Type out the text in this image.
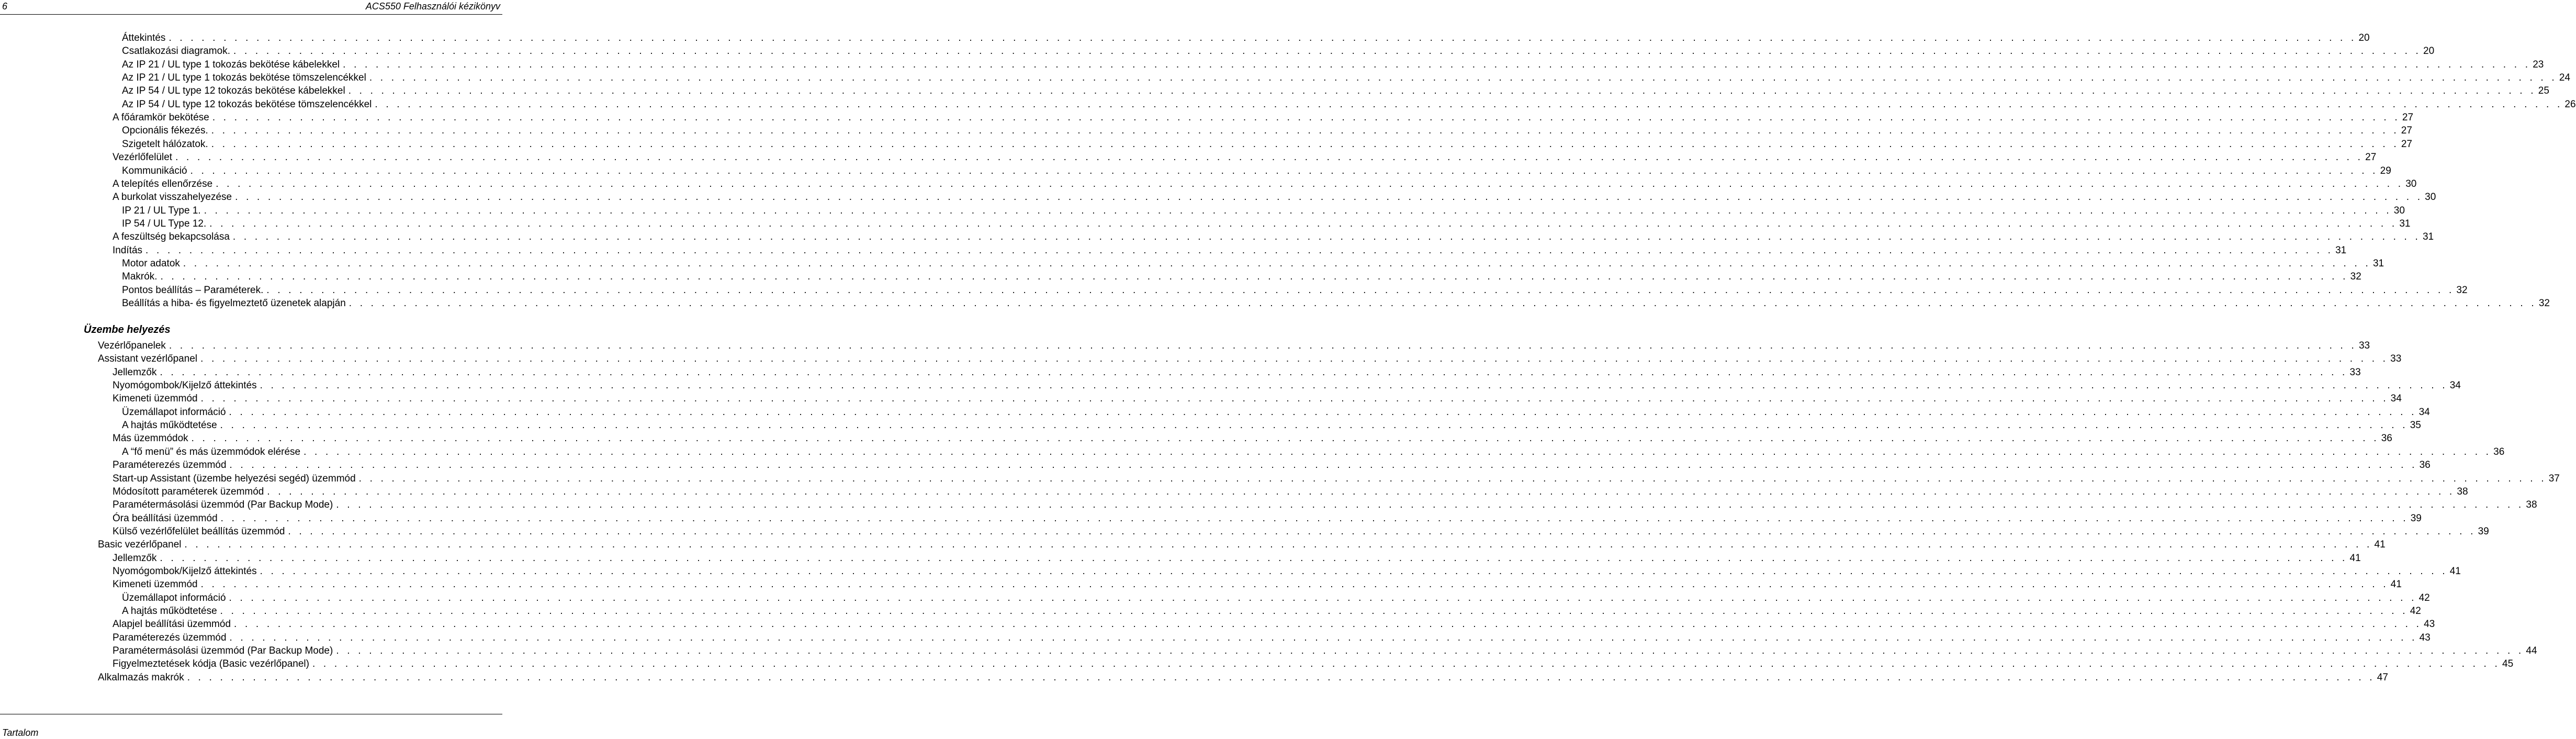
6	ACS550 Felhasználói kézikönyv
Áttekintés . . . . . . . . . . . . . . . . . . . . . . . . . . . . . . . . . . . . . . . . . . . . . . . . . . . . . . . . . . . . . . . . . . . . . . . . . . . . . . . . . . . . . . . . . . . . . . . . . . . . . . . . . . . . . . . . . . . . . . . . . . . . . . . . . . . . . . . . . . . . . . . . . . . . . . . . . . . . . . . . . . . . . . . . . . . . . . . . . . . . . . . . . . . . . . . . . . . . . . . . 20
Csatlakozási diagramok. . . . . . . . . . . . . . . . . . . . . . . . . . . . . . . . . . . . . . . . . . . . . . . . . . . . . . . . . . . . . . . . . . . . . . . . . . . . . . . . . . . . . . . . . . . . . . . . . . . . . . . . . . . . . . . . . . . . . . . . . . . . . . . . . . . . . . . . . . . . . . . . . . . . . . . . . . . . . . . . . . . . . . . . . . . . . . . . . . . . . . . . . . . . . . . . . . . . . . . . . 20
Az IP 21 / UL type 1 tokozás bekötése kábelekkel . . . . . . . . . . . . . . . . . . . . . . . . . . . . . . . . . . . . . . . . . . . . . . . . . . . . . . . . . . . . . . . . . . . . . . . . . . . . . . . . . . . . . . . . . . . . . . . . . . . . . . . . . . . . . . . . . . . . . . . . . . . . . . . . . . . . . . . . . . . . . . . . . . . . . . . . . . . . . . . . . . . . . . . . . . . . . . . . . . . . . . . . . . . . . . . . . . . . . . . . 23
Az IP 21 / UL type 1 tokozás bekötése tömszelencékkel . . . . . . . . . . . . . . . . . . . . . . . . . . . . . . . . . . . . . . . . . . . . . . . . . . . . . . . . . . . . . . . . . . . . . . . . . . . . . . . . . . . . . . . . . . . . . . . . . . . . . . . . . . . . . . . . . . . . . . . . . . . . . . . . . . . . . . . . . . . . . . . . . . . . . . . . . . . . . . . . . . . . . . . . . . . . . . . . . . . . . . . . . . . . . . . . . . . . . . . . 24
Az IP 54 / UL type 12 tokozás bekötése kábelekkel . . . . . . . . . . . . . . . . . . . . . . . . . . . . . . . . . . . . . . . . . . . . . . . . . . . . . . . . . . . . . . . . . . . . . . . . . . . . . . . . . . . . . . . . . . . . . . . . . . . . . . . . . . . . . . . . . . . . . . . . . . . . . . . . . . . . . . . . . . . . . . . . . . . . . . . . . . . . . . . . . . . . . . . . . . . . . . . . . . . . . . . . . . . . . . . . . . . . . . . . 25
Az IP 54 / UL type 12 tokozás bekötése tömszelencékkel . . . . . . . . . . . . . . . . . . . . . . . . . . . . . . . . . . . . . . . . . . . . . . . . . . . . . . . . . . . . . . . . . . . . . . . . . . . . . . . . . . . . . . . . . . . . . . . . . . . . . . . . . . . . . . . . . . . . . . . . . . . . . . . . . . . . . . . . . . . . . . . . . . . . . . . . . . . . . . . . . . . . . . . . . . . . . . . . . . . . . . . . . . . . . . . . . . . . . . . . 26
A főáramkör bekötése . . . . . . . . . . . . . . . . . . . . . . . . . . . . . . . . . . . . . . . . . . . . . . . . . . . . . . . . . . . . . . . . . . . . . . . . . . . . . . . . . . . . . . . . . . . . . . . . . . . . . . . . . . . . . . . . . . . . . . . . . . . . . . . . . . . . . . . . . . . . . . . . . . . . . . . . . . . . . . . . . . . . . . . . . . . . . . . . . . . . . . . . . . . . . . . . . . . . . . . . 27
Opcionális fékezés. . . . . . . . . . . . . . . . . . . . . . . . . . . . . . . . . . . . . . . . . . . . . . . . . . . . . . . . . . . . . . . . . . . . . . . . . . . . . . . . . . . . . . . . . . . . . . . . . . . . . . . . . . . . . . . . . . . . . . . . . . . . . . . . . . . . . . . . . . . . . . . . . . . . . . . . . . . . . . . . . . . . . . . . . . . . . . . . . . . . . . . . . . . . . . . . . . . . . . . . . 27
Szigetelt hálózatok. . . . . . . . . . . . . . . . . . . . . . . . . . . . . . . . . . . . . . . . . . . . . . . . . . . . . . . . . . . . . . . . . . . . . . . . . . . . . . . . . . . . . . . . . . . . . . . . . . . . . . . . . . . . . . . . . . . . . . . . . . . . . . . . . . . . . . . . . . . . . . . . . . . . . . . . . . . . . . . . . . . . . . . . . . . . . . . . . . . . . . . . . . . . . . . . . . . . . . . . . 27
Vezérlőfelület . . . . . . . . . . . . . . . . . . . . . . . . . . . . . . . . . . . . . . . . . . . . . . . . . . . . . . . . . . . . . . . . . . . . . . . . . . . . . . . . . . . . . . . . . . . . . . . . . . . . . . . . . . . . . . . . . . . . . . . . . . . . . . . . . . . . . . . . . . . . . . . . . . . . . . . . . . . . . . . . . . . . . . . . . . . . . . . . . . . . . . . . . . . . . . . . . . . . . . . . 27
Kommunikáció . . . . . . . . . . . . . . . . . . . . . . . . . . . . . . . . . . . . . . . . . . . . . . . . . . . . . . . . . . . . . . . . . . . . . . . . . . . . . . . . . . . . . . . . . . . . . . . . . . . . . . . . . . . . . . . . . . . . . . . . . . . . . . . . . . . . . . . . . . . . . . . . . . . . . . . . . . . . . . . . . . . . . . . . . . . . . . . . . . . . . . . . . . . . . . . . . . . . . . . . 29
A telepítés ellenőrzése . . . . . . . . . . . . . . . . . . . . . . . . . . . . . . . . . . . . . . . . . . . . . . . . . . . . . . . . . . . . . . . . . . . . . . . . . . . . . . . . . . . . . . . . . . . . . . . . . . . . . . . . . . . . . . . . . . . . . . . . . . . . . . . . . . . . . . . . . . . . . . . . . . . . . . . . . . . . . . . . . . . . . . . . . . . . . . . . . . . . . . . . . . . . . . . . . . . . . . . . 30
A burkolat visszahelyezése . . . . . . . . . . . . . . . . . . . . . . . . . . . . . . . . . . . . . . . . . . . . . . . . . . . . . . . . . . . . . . . . . . . . . . . . . . . . . . . . . . . . . . . . . . . . . . . . . . . . . . . . . . . . . . . . . . . . . . . . . . . . . . . . . . . . . . . . . . . . . . . . . . . . . . . . . . . . . . . . . . . . . . . . . . . . . . . . . . . . . . . . . . . . . . . . . . . . . . . . 30
IP 21 / UL Type 1. . . . . . . . . . . . . . . . . . . . . . . . . . . . . . . . . . . . . . . . . . . . . . . . . . . . . . . . . . . . . . . . . . . . . . . . . . . . . . . . . . . . . . . . . . . . . . . . . . . . . . . . . . . . . . . . . . . . . . . . . . . . . . . . . . . . . . . . . . . . . . . . . . . . . . . . . . . . . . . . . . . . . . . . . . . . . . . . . . . . . . . . . . . . . . . . . . . . . . . . . 30
IP 54 / UL Type 12. . . . . . . . . . . . . . . . . . . . . . . . . . . . . . . . . . . . . . . . . . . . . . . . . . . . . . . . . . . . . . . . . . . . . . . . . . . . . . . . . . . . . . . . . . . . . . . . . . . . . . . . . . . . . . . . . . . . . . . . . . . . . . . . . . . . . . . . . . . . . . . . . . . . . . . . . . . . . . . . . . . . . . . . . . . . . . . . . . . . . . . . . . . . . . . . . . . . . . . . . 31
A feszültség bekapcsolása . . . . . . . . . . . . . . . . . . . . . . . . . . . . . . . . . . . . . . . . . . . . . . . . . . . . . . . . . . . . . . . . . . . . . . . . . . . . . . . . . . . . . . . . . . . . . . . . . . . . . . . . . . . . . . . . . . . . . . . . . . . . . . . . . . . . . . . . . . . . . . . . . . . . . . . . . . . . . . . . . . . . . . . . . . . . . . . . . . . . . . . . . . . . . . . . . . . . . . . . 31
Indítás . . . . . . . . . . . . . . . . . . . . . . . . . . . . . . . . . . . . . . . . . . . . . . . . . . . . . . . . . . . . . . . . . . . . . . . . . . . . . . . . . . . . . . . . . . . . . . . . . . . . . . . . . . . . . . . . . . . . . . . . . . . . . . . . . . . . . . . . . . . . . . . . . . . . . . . . . . . . . . . . . . . . . . . . . . . . . . . . . . . . . . . . . . . . . . . . . . . . . . . . 31
Motor adatok . . . . . . . . . . . . . . . . . . . . . . . . . . . . . . . . . . . . . . . . . . . . . . . . . . . . . . . . . . . . . . . . . . . . . . . . . . . . . . . . . . . . . . . . . . . . . . . . . . . . . . . . . . . . . . . . . . . . . . . . . . . . . . . . . . . . . . . . . . . . . . . . . . . . . . . . . . . . . . . . . . . . . . . . . . . . . . . . . . . . . . . . . . . . . . . . . . . . . . . . 31
Makrók. . . . . . . . . . . . . . . . . . . . . . . . . . . . . . . . . . . . . . . . . . . . . . . . . . . . . . . . . . . . . . . . . . . . . . . . . . . . . . . . . . . . . . . . . . . . . . . . . . . . . . . . . . . . . . . . . . . . . . . . . . . . . . . . . . . . . . . . . . . . . . . . . . . . . . . . . . . . . . . . . . . . . . . . . . . . . . . . . . . . . . . . . . . . . . . . . . . . . . . . . 32
Pontos beállítás – Paraméterek. . . . . . . . . . . . . . . . . . . . . . . . . . . . . . . . . . . . . . . . . . . . . . . . . . . . . . . . . . . . . . . . . . . . . . . . . . . . . . . . . . . . . . . . . . . . . . . . . . . . . . . . . . . . . . . . . . . . . . . . . . . . . . . . . . . . . . . . . . . . . . . . . . . . . . . . . . . . . . . . . . . . . . . . . . . . . . . . . . . . . . . . . . . . . . . . . . . . . . . . . 32
Beállítás a hiba- és figyelmeztető üzenetek alapján . . . . . . . . . . . . . . . . . . . . . . . . . . . . . . . . . . . . . . . . . . . . . . . . . . . . . . . . . . . . . . . . . . . . . . . . . . . . . . . . . . . . . . . . . . . . . . . . . . . . . . . . . . . . . . . . . . . . . . . . . . . . . . . . . . . . . . . . . . . . . . . . . . . . . . . . . . . . . . . . . . . . . . . . . . . . . . . . . . . . . . . . . . . . . . . . . . . . . . . . 32
Vezérlőpanelek . . . . . . . . . . . . . . . . . . . . . . . . . . . . . . . . . . . . . . . . . . . . . . . . . . . . . . . . . . . . . . . . . . . . . . . . . . . . . . . . . . . . . . . . . . . . . . . . . . . . . . . . . . . . . . . . . . . . . . . . . . . . . . . . . . . . . . . . . . . . . . . . . . . . . . . . . . . . . . . . . . . . . . . . . . . . . . . . . . . . . . . . . . . . . . . . . . . . . . . . 33
Assistant vezérlőpanel . . . . . . . . . . . . . . . . . . . . . . . . . . . . . . . . . . . . . . . . . . . . . . . . . . . . . . . . . . . . . . . . . . . . . . . . . . . . . . . . . . . . . . . . . . . . . . . . . . . . . . . . . . . . . . . . . . . . . . . . . . . . . . . . . . . . . . . . . . . . . . . . . . . . . . . . . . . . . . . . . . . . . . . . . . . . . . . . . . . . . . . . . . . . . . . . . . . . . . . . 33
Jellemzők . . . . . . . . . . . . . . . . . . . . . . . . . . . . . . . . . . . . . . . . . . . . . . . . . . . . . . . . . . . . . . . . . . . . . . . . . . . . . . . . . . . . . . . . . . . . . . . . . . . . . . . . . . . . . . . . . . . . . . . . . . . . . . . . . . . . . . . . . . . . . . . . . . . . . . . . . . . . . . . . . . . . . . . . . . . . . . . . . . . . . . . . . . . . . . . . . . . . . . . . 33
Nyomógombok/Kijelző áttekintés . . . . . . . . . . . . . . . . . . . . . . . . . . . . . . . . . . . . . . . . . . . . . . . . . . . . . . . . . . . . . . . . . . . . . . . . . . . . . . . . . . . . . . . . . . . . . . . . . . . . . . . . . . . . . . . . . . . . . . . . . . . . . . . . . . . . . . . . . . . . . . . . . . . . . . . . . . . . . . . . . . . . . . . . . . . . . . . . . . . . . . . . . . . . . . . . . . . . . . . . 34
Kimeneti üzemmód . . . . . . . . . . . . . . . . . . . . . . . . . . . . . . . . . . . . . . . . . . . . . . . . . . . . . . . . . . . . . . . . . . . . . . . . . . . . . . . . . . . . . . . . . . . . . . . . . . . . . . . . . . . . . . . . . . . . . . . . . . . . . . . . . . . . . . . . . . . . . . . . . . . . . . . . . . . . . . . . . . . . . . . . . . . . . . . . . . . . . . . . . . . . . . . . . . . . . . . . 34
Üzemállapot információ . . . . . . . . . . . . . . . . . . . . . . . . . . . . . . . . . . . . . . . . . . . . . . . . . . . . . . . . . . . . . . . . . . . . . . . . . . . . . . . . . . . . . . . . . . . . . . . . . . . . . . . . . . . . . . . . . . . . . . . . . . . . . . . . . . . . . . . . . . . . . . . . . . . . . . . . . . . . . . . . . . . . . . . . . . . . . . . . . . . . . . . . . . . . . . . . . . . . . . . . 34
A hajtás működtetése . . . . . . . . . . . . . . . . . . . . . . . . . . . . . . . . . . . . . . . . . . . . . . . . . . . . . . . . . . . . . . . . . . . . . . . . . . . . . . . . . . . . . . . . . . . . . . . . . . . . . . . . . . . . . . . . . . . . . . . . . . . . . . . . . . . . . . . . . . . . . . . . . . . . . . . . . . . . . . . . . . . . . . . . . . . . . . . . . . . . . . . . . . . . . . . . . . . . . . . . 35
Más üzemmódok . . . . . . . . . . . . . . . . . . . . . . . . . . . . . . . . . . . . . . . . . . . . . . . . . . . . . . . . . . . . . . . . . . . . . . . . . . . . . . . . . . . . . . . . . . . . . . . . . . . . . . . . . . . . . . . . . . . . . . . . . . . . . . . . . . . . . . . . . . . . . . . . . . . . . . . . . . . . . . . . . . . . . . . . . . . . . . . . . . . . . . . . . . . . . . . . . . . . . . . . 36
A “fő menü” és más üzemmódok elérése . . . . . . . . . . . . . . . . . . . . . . . . . . . . . . . . . . . . . . . . . . . . . . . . . . . . . . . . . . . . . . . . . . . . . . . . . . . . . . . . . . . . . . . . . . . . . . . . . . . . . . . . . . . . . . . . . . . . . . . . . . . . . . . . . . . . . . . . . . . . . . . . . . . . . . . . . . . . . . . . . . . . . . . . . . . . . . . . . . . . . . . . . . . . . . . . . . . . . . . . 36
Paraméterezés üzemmód . . . . . . . . . . . . . . . . . . . . . . . . . . . . . . . . . . . . . . . . . . . . . . . . . . . . . . . . . . . . . . . . . . . . . . . . . . . . . . . . . . . . . . . . . . . . . . . . . . . . . . . . . . . . . . . . . . . . . . . . . . . . . . . . . . . . . . . . . . . . . . . . . . . . . . . . . . . . . . . . . . . . . . . . . . . . . . . . . . . . . . . . . . . . . . . . . . . . . . . . 36
Start-up Assistant (üzembe helyezési segéd) üzemmód . . . . . . . . . . . . . . . . . . . . . . . . . . . . . . . . . . . . . . . . . . . . . . . . . . . . . . . . . . . . . . . . . . . . . . . . . . . . . . . . . . . . . . . . . . . . . . . . . . . . . . . . . . . . . . . . . . . . . . . . . . . . . . . . . . . . . . . . . . . . . . . . . . . . . . . . . . . . . . . . . . . . . . . . . . . . . . . . . . . . . . . . . . . . . . . . . . . . . . . . 37
Módosított paraméterek üzemmód . . . . . . . . . . . . . . . . . . . . . . . . . . . . . . . . . . . . . . . . . . . . . . . . . . . . . . . . . . . . . . . . . . . . . . . . . . . . . . . . . . . . . . . . . . . . . . . . . . . . . . . . . . . . . . . . . . . . . . . . . . . . . . . . . . . . . . . . . . . . . . . . . . . . . . . . . . . . . . . . . . . . . . . . . . . . . . . . . . . . . . . . . . . . . . . . . . . . . . . . 38
Paramétermásolási üzemmód (Par Backup Mode) . . . . . . . . . . . . . . . . . . . . . . . . . . . . . . . . . . . . . . . . . . . . . . . . . . . . . . . . . . . . . . . . . . . . . . . . . . . . . . . . . . . . . . . . . . . . . . . . . . . . . . . . . . . . . . . . . . . . . . . . . . . . . . . . . . . . . . . . . . . . . . . . . . . . . . . . . . . . . . . . . . . . . . . . . . . . . . . . . . . . . . . . . . . . . . . . . . . . . . . . 38
Óra beállítási üzemmód . . . . . . . . . . . . . . . . . . . . . . . . . . . . . . . . . . . . . . . . . . . . . . . . . . . . . . . . . . . . . . . . . . . . . . . . . . . . . . . . . . . . . . . . . . . . . . . . . . . . . . . . . . . . . . . . . . . . . . . . . . . . . . . . . . . . . . . . . . . . . . . . . . . . . . . . . . . . . . . . . . . . . . . . . . . . . . . . . . . . . . . . . . . . . . . . . . . . . . . . 39
Külső vezérlőfelület beállítás üzemmód . . . . . . . . . . . . . . . . . . . . . . . . . . . . . . . . . . . . . . . . . . . . . . . . . . . . . . . . . . . . . . . . . . . . . . . . . . . . . . . . . . . . . . . . . . . . . . . . . . . . . . . . . . . . . . . . . . . . . . . . . . . . . . . . . . . . . . . . . . . . . . . . . . . . . . . . . . . . . . . . . . . . . . . . . . . . . . . . . . . . . . . . . . . . . . . . . . . . . . . . 39
Basic vezérlőpanel . . . . . . . . . . . . . . . . . . . . . . . . . . . . . . . . . . . . . . . . . . . . . . . . . . . . . . . . . . . . . . . . . . . . . . . . . . . . . . . . . . . . . . . . . . . . . . . . . . . . . . . . . . . . . . . . . . . . . . . . . . . . . . . . . . . . . . . . . . . . . . . . . . . . . . . . . . . . . . . . . . . . . . . . . . . . . . . . . . . . . . . . . . . . . . . . . . . . . . . . 41
Jellemzők . . . . . . . . . . . . . . . . . . . . . . . . . . . . . . . . . . . . . . . . . . . . . . . . . . . . . . . . . . . . . . . . . . . . . . . . . . . . . . . . . . . . . . . . . . . . . . . . . . . . . . . . . . . . . . . . . . . . . . . . . . . . . . . . . . . . . . . . . . . . . . . . . . . . . . . . . . . . . . . . . . . . . . . . . . . . . . . . . . . . . . . . . . . . . . . . . . . . . . . . 41
Nyomógombok/Kijelző áttekintés . . . . . . . . . . . . . . . . . . . . . . . . . . . . . . . . . . . . . . . . . . . . . . . . . . . . . . . . . . . . . . . . . . . . . . . . . . . . . . . . . . . . . . . . . . . . . . . . . . . . . . . . . . . . . . . . . . . . . . . . . . . . . . . . . . . . . . . . . . . . . . . . . . . . . . . . . . . . . . . . . . . . . . . . . . . . . . . . . . . . . . . . . . . . . . . . . . . . . . . . 41
Kimeneti üzemmód . . . . . . . . . . . . . . . . . . . . . . . . . . . . . . . . . . . . . . . . . . . . . . . . . . . . . . . . . . . . . . . . . . . . . . . . . . . . . . . . . . . . . . . . . . . . . . . . . . . . . . . . . . . . . . . . . . . . . . . . . . . . . . . . . . . . . . . . . . . . . . . . . . . . . . . . . . . . . . . . . . . . . . . . . . . . . . . . . . . . . . . . . . . . . . . . . . . . . . . . 41
Üzemállapot információ . . . . . . . . . . . . . . . . . . . . . . . . . . . . . . . . . . . . . . . . . . . . . . . . . . . . . . . . . . . . . . . . . . . . . . . . . . . . . . . . . . . . . . . . . . . . . . . . . . . . . . . . . . . . . . . . . . . . . . . . . . . . . . . . . . . . . . . . . . . . . . . . . . . . . . . . . . . . . . . . . . . . . . . . . . . . . . . . . . . . . . . . . . . . . . . . . . . . . . . . 42
A hajtás működtetése . . . . . . . . . . . . . . . . . . . . . . . . . . . . . . . . . . . . . . . . . . . . . . . . . . . . . . . . . . . . . . . . . . . . . . . . . . . . . . . . . . . . . . . . . . . . . . . . . . . . . . . . . . . . . . . . . . . . . . . . . . . . . . . . . . . . . . . . . . . . . . . . . . . . . . . . . . . . . . . . . . . . . . . . . . . . . . . . . . . . . . . . . . . . . . . . . . . . . . . . 42
Alapjel beállítási üzemmód . . . . . . . . . . . . . . . . . . . . . . . . . . . . . . . . . . . . . . . . . . . . . . . . . . . . . . . . . . . . . . . . . . . . . . . . . . . . . . . . . . . . . . . . . . . . . . . . . . . . . . . . . . . . . . . . . . . . . . . . . . . . . . . . . . . . . . . . . . . . . . . . . . . . . . . . . . . . . . . . . . . . . . . . . . . . . . . . . . . . . . . . . . . . . . . . . . . . . . . . 43
Paraméterezés üzemmód . . . . . . . . . . . . . . . . . . . . . . . . . . . . . . . . . . . . . . . . . . . . . . . . . . . . . . . . . . . . . . . . . . . . . . . . . . . . . . . . . . . . . . . . . . . . . . . . . . . . . . . . . . . . . . . . . . . . . . . . . . . . . . . . . . . . . . . . . . . . . . . . . . . . . . . . . . . . . . . . . . . . . . . . . . . . . . . . . . . . . . . . . . . . . . . . . . . . . . . . 43
Paramétermásolási üzemmód (Par Backup Mode) . . . . . . . . . . . . . . . . . . . . . . . . . . . . . . . . . . . . . . . . . . . . . . . . . . . . . . . . . . . . . . . . . . . . . . . . . . . . . . . . . . . . . . . . . . . . . . . . . . . . . . . . . . . . . . . . . . . . . . . . . . . . . . . . . . . . . . . . . . . . . . . . . . . . . . . . . . . . . . . . . . . . . . . . . . . . . . . . . . . . . . . . . . . . . . . . . . . . . . . . 44
Figyelmeztetések kódja (Basic vezérlőpanel) . . . . . . . . . . . . . . . . . . . . . . . . . . . . . . . . . . . . . . . . . . . . . . . . . . . . . . . . . . . . . . . . . . . . . . . . . . . . . . . . . . . . . . . . . . . . . . . . . . . . . . . . . . . . . . . . . . . . . . . . . . . . . . . . . . . . . . . . . . . . . . . . . . . . . . . . . . . . . . . . . . . . . . . . . . . . . . . . . . . . . . . . . . . . . . . . . . . . . . . . 45
Alkalmazás makrók . . . . . . . . . . . . . . . . . . . . . . . . . . . . . . . . . . . . . . . . . . . . . . . . . . . . . . . . . . . . . . . . . . . . . . . . . . . . . . . . . . . . . . . . . . . . . . . . . . . . . . . . . . . . . . . . . . . . . . . . . . . . . . . . . . . . . . . . . . . . . . . . . . . . . . . . . . . . . . . . . . . . . . . . . . . . . . . . . . . . . . . . . . . . . . . . . . . . . . . . 47
Üzembe helyezés
Tartalom
